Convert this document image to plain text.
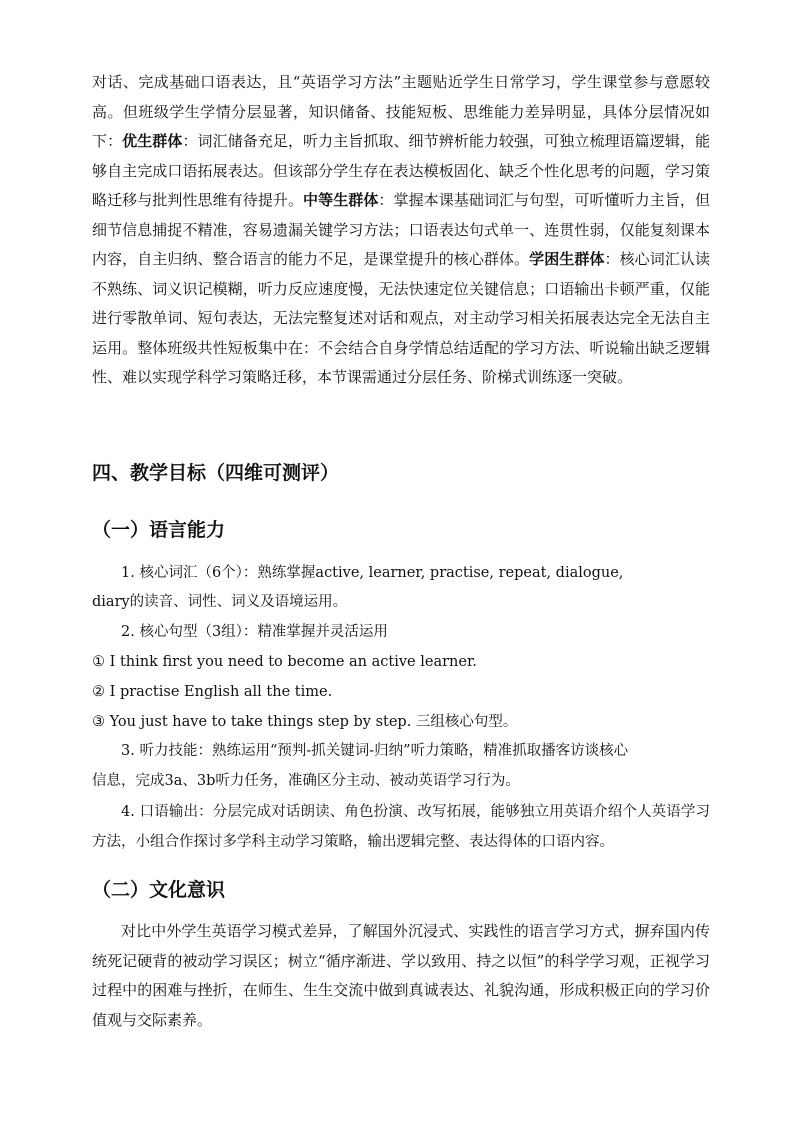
对话、完成基础口语表达，且“英语学习方法”主题贴近学生日常学习，学生课堂参与意愿较高。但班级学生学情分层显著，知识储备、技能短板、思维能力差异明显，具体分层情况如下：优生群体：词汇储备充足，听力主旨抓取、细节辨析能力较强，可独立梳理语篇逻辑，能够自主完成口语拓展表达。但该部分学生存在表达模板固化、缺乏个性化思考的问题，学习策略迁移与批判性思维有待提升。中等生群体：掌握本课基础词汇与句型，可听懂听力主旨，但细节信息捕捉不精准，容易遗漏关键学习方法；口语表达句式单一、连贯性弱，仅能复刻课本内容，自主归纳、整合语言的能力不足，是课堂提升的核心群体。学困生群体：核心词汇认读不熟练、词义识记模糊，听力反应速度慢，无法快速定位关键信息；口语输出卡顿严重，仅能进行零散单词、短句表达，无法完整复述对话和观点，对主动学习相关拓展表达完全无法自主运用。整体班级共性短板集中在：不会结合自身学情总结适配的学习方法、听说输出缺乏逻辑性、难以实现学科学习策略迁移，本节课需通过分层任务、阶梯式训练逐一突破。

四、教学目标（四维可测评）
（一）语言能力

1. 核心词汇（6个）：熟练掌握active, learner, practise, repeat, dialogue,

diary的读音、词性、词义及语境运用。

2. 核心句型（3组）：精准掌握并灵活运用

① I think first you need to become an active learner.

② I practise English all the time.

③ You just have to take things step by step. 三组核心句型。

3. 听力技能：熟练运用“预判-抓关键词-归纳”听力策略，精准抓取播客访谈核心

信息，完成3a、3b听力任务，准确区分主动、被动英语学习行为。

4. 口语输出：分层完成对话朗读、角色扮演、改写拓展，能够独立用英语介绍个人英语学习方法，小组合作探讨多学科主动学习策略，输出逻辑完整、表达得体的口语内容。

（二）文化意识

对比中外学生英语学习模式差异，了解国外沉浸式、实践性的语言学习方式，摒弃国内传统死记硬背的被动学习误区；树立“循序渐进、学以致用、持之以恒”的科学学习观，正视学习过程中的困难与挫折，在师生、生生交流中做到真诚表达、礼貌沟通，形成积极正向的学习价值观与交际素养。
